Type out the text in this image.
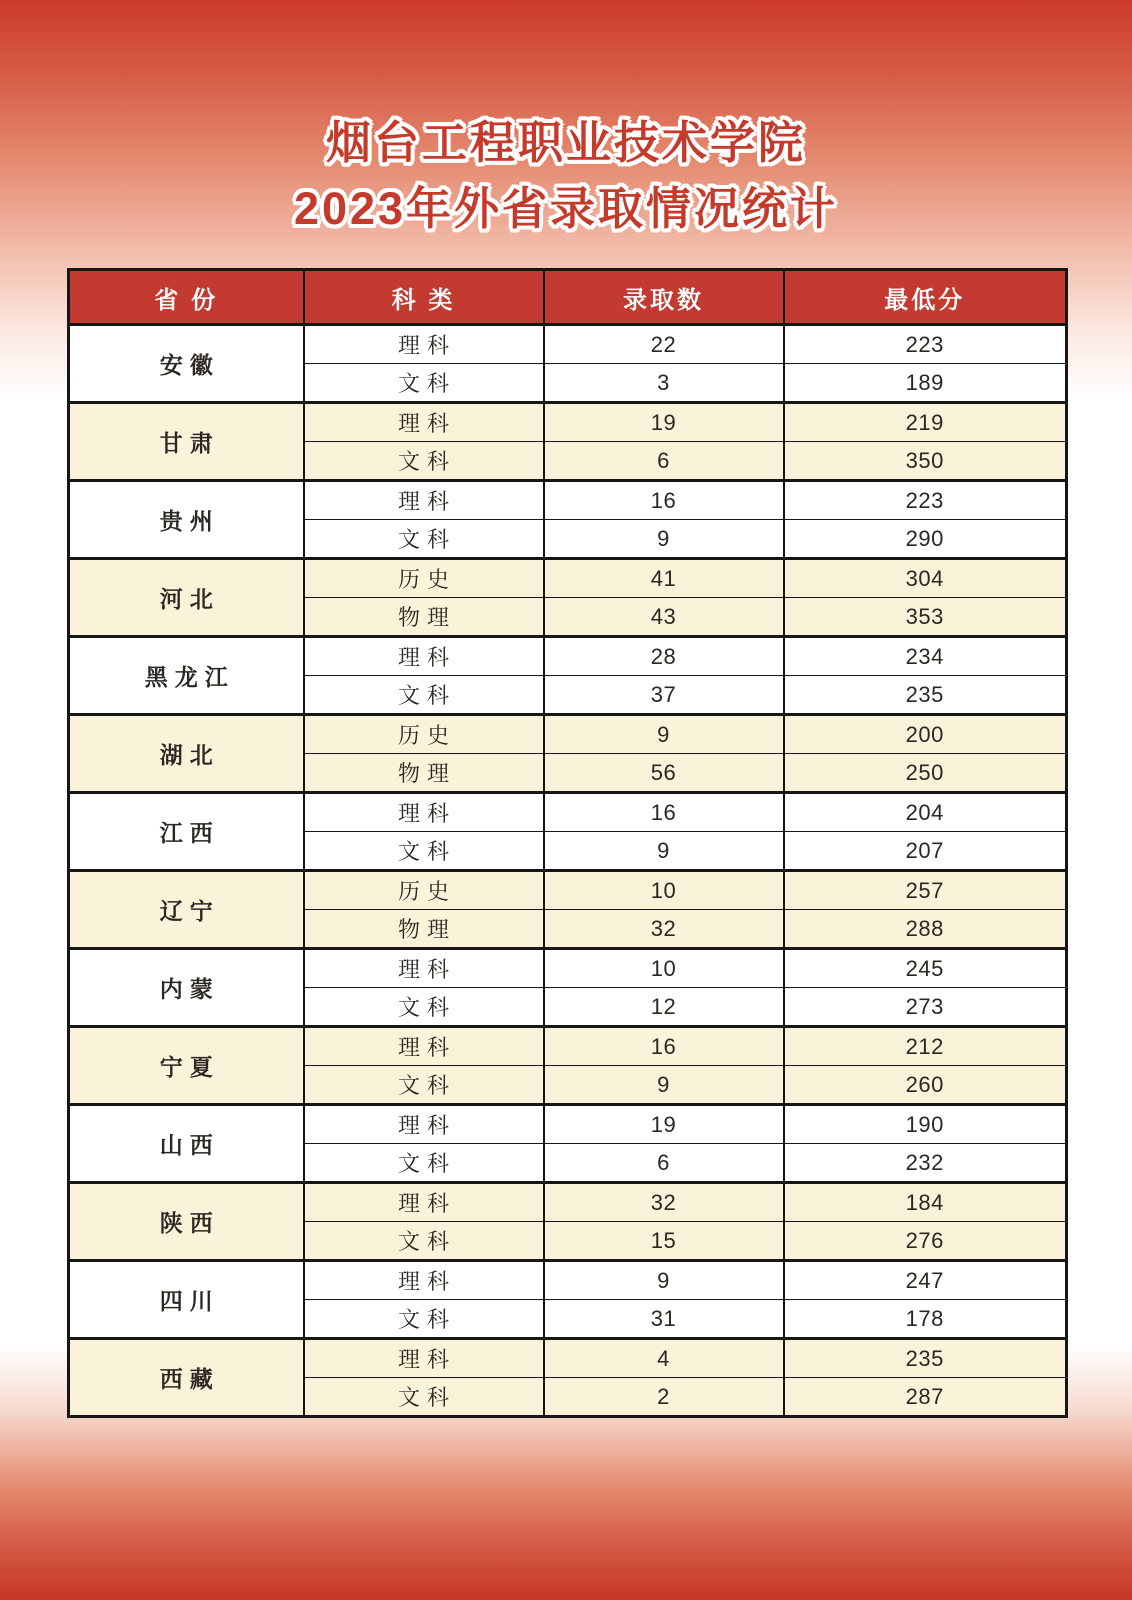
烟台工程职业技术学院
2023年外省录取情况统计
省 份	科 类	录取数	最低分
安徽	理科	22	223
	文科	3	189
甘肃	理科	19	219
	文科	6	350
贵州	理科	16	223
	文科	9	290
河北	历史	41	304
	物理	43	353
黑龙江	理科	28	234
	文科	37	235
湖北	历史	9	200
	物理	56	250
江西	理科	16	204
	文科	9	207
辽宁	历史	10	257
	物理	32	288
内蒙	理科	10	245
	文科	12	273
宁夏	理科	16	212
	文科	9	260
山西	理科	19	190
	文科	6	232
陕西	理科	32	184
	文科	15	276
四川	理科	9	247
	文科	31	178
西藏	理科	4	235
	文科	2	287
